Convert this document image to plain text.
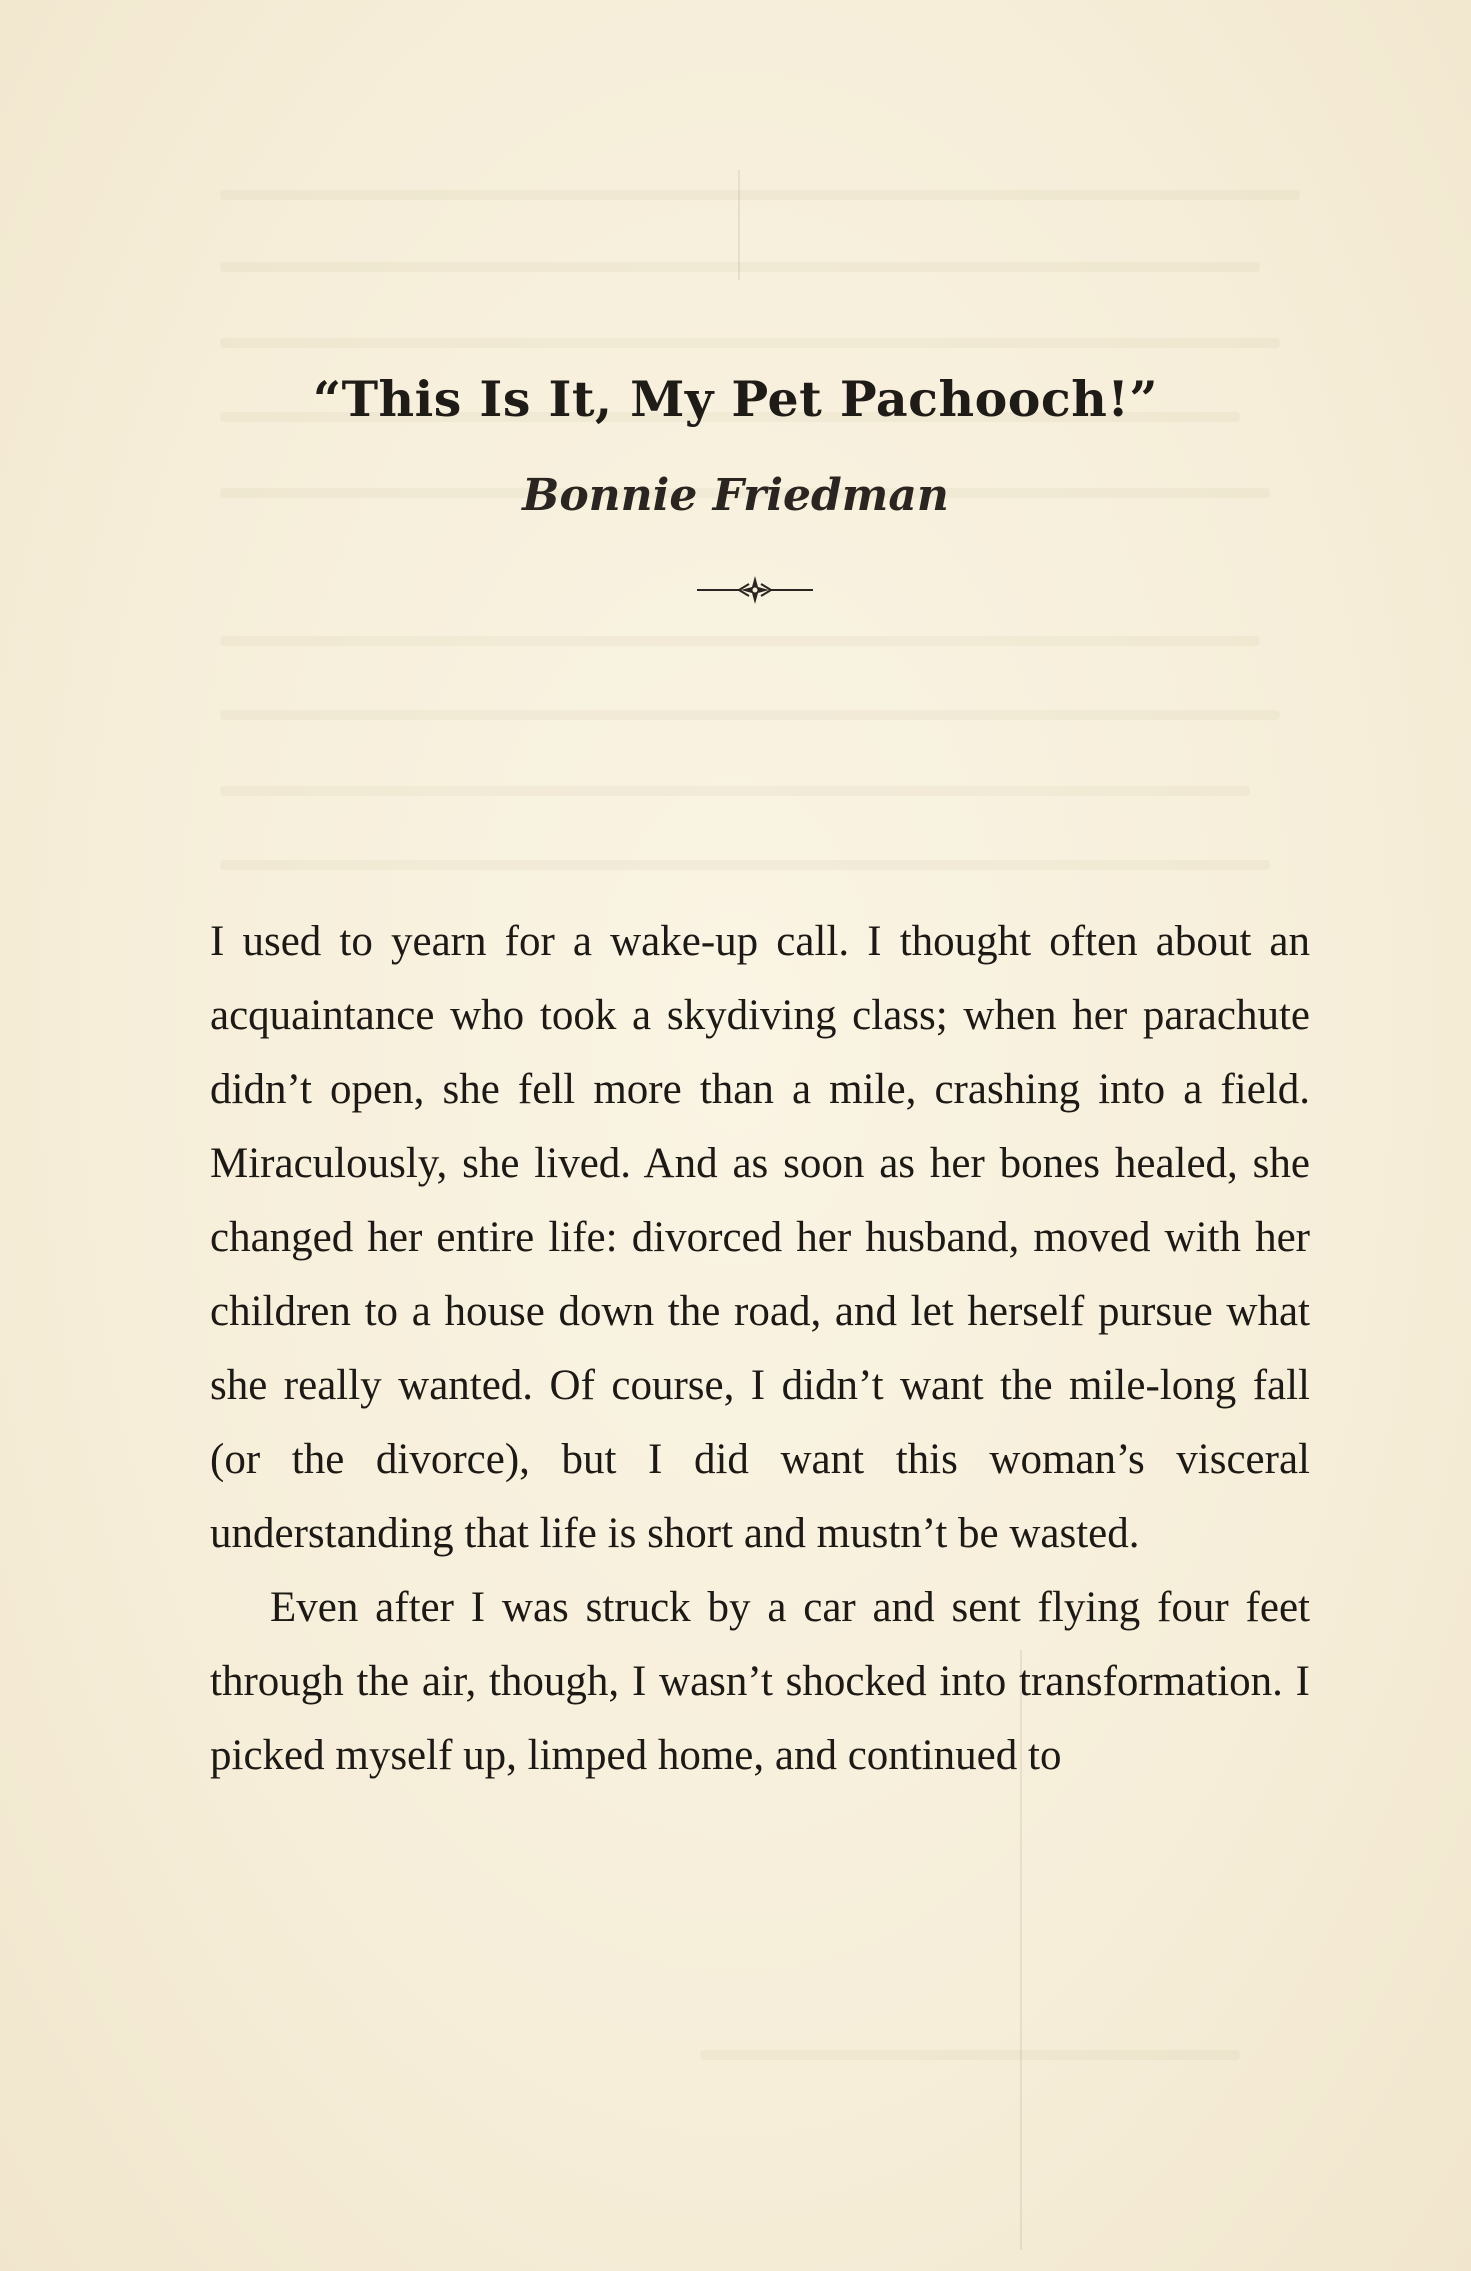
“This Is It, My Pet Pachooch!”
Bonnie Friedman

I used to yearn for a wake-up call. I thought often about an acquaintance who took a skydiving class; when her parachute didn’t open, she fell more than a mile, crashing into a field. Miraculously, she lived. And as soon as her bones healed, she changed her entire life: divorced her husband, moved with her children to a house down the road, and let herself pursue what she really wanted. Of course, I didn’t want the mile-long fall (or the divorce), but I did want this woman’s visceral understanding that life is short and mustn’t be wasted.

Even after I was struck by a car and sent flying four feet through the air, though, I wasn’t shocked into transformation. I picked myself up, limped home, and continued to
